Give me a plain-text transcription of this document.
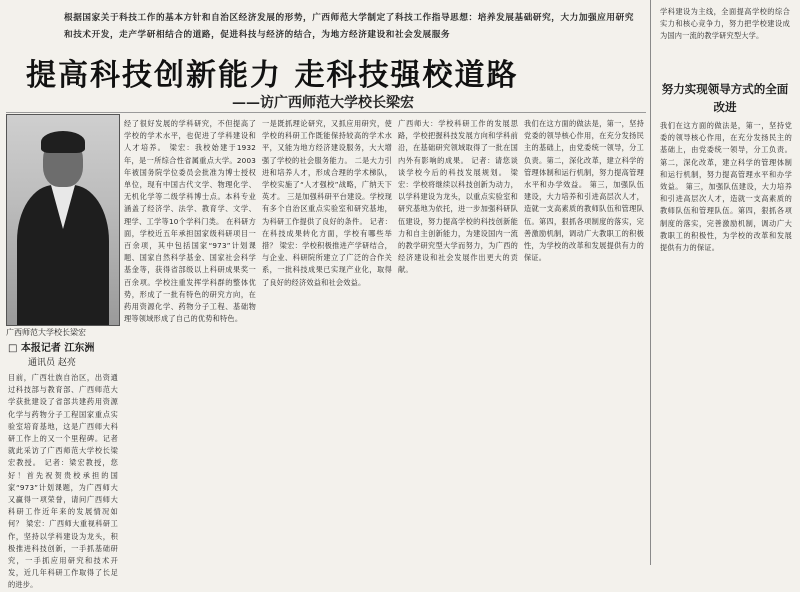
根据国家关于科技工作的基本方针和自治区经济发展的形势，广西师范大学制定了科技工作指导思想：培养发展基础研究，大力加强应用研究和技术开发，走产学研相结合的道路，促进科技与经济的结合，为地方经济建设和社会发展服务
提高科技创新能力 走科技强校道路
——访广西师范大学校长梁宏
广西师范大学校长梁宏
□ 本报记者 江东洲
通讯员 赵亮
目前，广西壮族自治区，出资通过科技部与教育部、广西师范大学获批建设了省部共建药用资源化学与药物分子工程国家重点实验室培育基地，这是广西师大科研工作上的又一个里程碑。记者就此采访了广西师范大学校长梁宏教授。 记者：梁宏教授，您好！首先祝贺贵校承担的国家“973”计划课题，为广西师大又赢得一项荣誉，请问广西师大科研工作近年来的发展情况如何？ 梁宏：广西师大重视科研工作，坚持以学科建设为龙头，积极推进科技创新，一手抓基础研究，一手抓应用研究和技术开发，近几年科研工作取得了长足的进步。
经了很好发展的学科研究，不但提高了学校的学术水平，也促进了学科建设和人才培养。 梁宏：我校始建于1932年，是一所综合性省属重点大学。2003年被国务院学位委员会批准为博士授权单位，现有中国古代文学、物理化学、无机化学等二级学科博士点。本科专业涵盖了经济学、法学、教育学、文学、理学、工学等10个学科门类。 在科研方面，学校近五年承担国家级科研项目一百余项，其中包括国家“973”计划课题、国家自然科学基金、国家社会科学基金等，获得省部级以上科研成果奖一百余项。学校注重发挥学科群的整体优势，形成了一批有特色的研究方向，在药用资源化学、药物分子工程、基础物理等领域形成了自己的优势和特色。
一是既抓理论研究，又抓应用研究，使学校的科研工作既能保持较高的学术水平，又能为地方经济建设服务，大大增强了学校的社会服务能力。 二是大力引进和培养人才，形成合理的学术梯队，学校实施了“人才强校”战略，广纳天下英才。 三是加强科研平台建设。学校现有多个自治区重点实验室和研究基地，为科研工作提供了良好的条件。 记者：在科技成果转化方面，学校有哪些举措？ 梁宏：学校积极推进产学研结合，与企业、科研院所建立了广泛的合作关系，一批科技成果已实现产业化，取得了良好的经济效益和社会效益。
广西师大：学校科研工作的发展思路，学校把握科技发展方向和学科前沿，在基础研究领域取得了一批在国内外有影响的成果。 记者：请您谈谈学校今后的科技发展规划。 梁宏：学校将继续以科技创新为动力，以学科建设为龙头，以重点实验室和研究基地为依托，进一步加强科研队伍建设，努力提高学校的科技创新能力和自主创新能力，为建设国内一流的教学研究型大学而努力，为广西的经济建设和社会发展作出更大的贡献。
我们在这方面的做法是，第一，坚持党委的领导核心作用，在充分发扬民主的基础上，由党委统一领导，分工负责。第二，深化改革，建立科学的管理体制和运行机制，努力提高管理水平和办学效益。 第三，加强队伍建设，大力培养和引进高层次人才，造就一支高素质的教师队伍和管理队伍。第四，狠抓各项制度的落实，完善激励机制，调动广大教职工的积极性，为学校的改革和发展提供有力的保证。
学科建设为主线，全面提高学校的综合实力和核心竞争力，努力把学校建设成为国内一流的教学研究型大学。
努力实现领导方式的全面改进
我们在这方面的做法是，第一，坚持党委的领导核心作用，在充分发扬民主的基础上，由党委统一领导，分工负责。第二，深化改革，建立科学的管理体制和运行机制，努力提高管理水平和办学效益。 第三，加强队伍建设，大力培养和引进高层次人才，造就一支高素质的教师队伍和管理队伍。第四，狠抓各项制度的落实，完善激励机制，调动广大教职工的积极性，为学校的改革和发展提供有力的保证。
